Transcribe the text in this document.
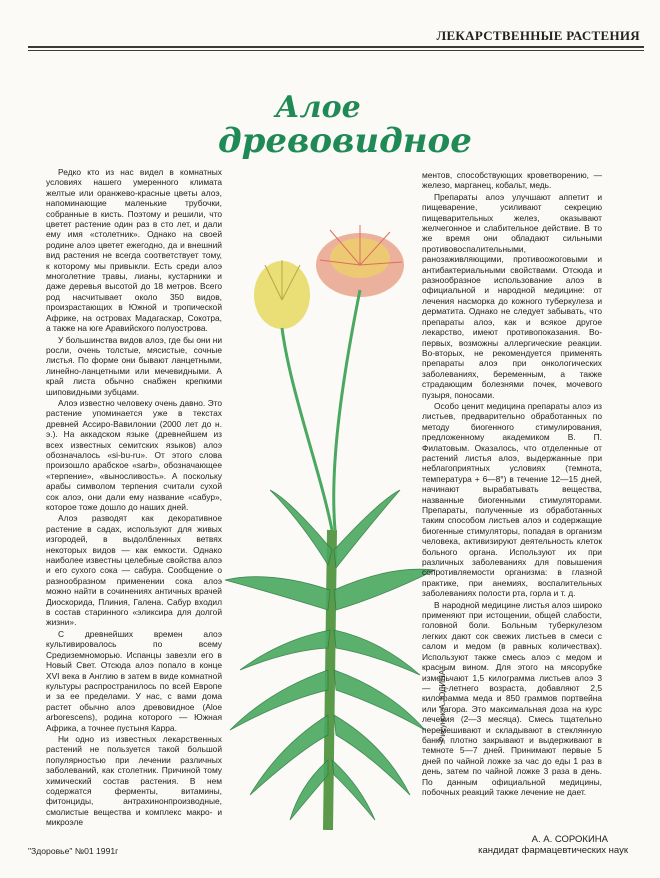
ЛЕКАРСТВЕННЫЕ РАСТЕНИЯ
Алое
древовидное

Редко кто из нас видел в комнатных условиях нашего умеренного климата желтые или оранжево-красные цветы алоэ, напоминающие маленькие трубочки, собранные в кисть. Поэтому и решили, что цветет растение один раз в сто лет, и дали ему имя «столетник». Однако на своей родине алоэ цветет ежегодно, да и внешний вид растения не всегда соответствует тому, к которому мы привыкли. Есть среди алоэ многолетние травы, лианы, кустарники и даже деревья высотой до 18 метров. Всего род насчитывает около 350 видов, произрастающих в Южной и тропической Африке, на островах Мадагаскар, Сокотра, а также на юге Аравийского полуострова.

У большинства видов алоэ, где бы они ни росли, очень толстые, мясистые, сочные листья. По форме они бывают ланцетными, линейно-ланцетными или мечевидными. А край листа обычно снабжен крепкими шиповидными зубцами.

Алоэ известно человеку очень давно. Это растение упоминается уже в текстах древней Ассиро-Вавилонии (2000 лет до н. э.). На аккадском языке (древнейшем из всех известных семитских языков) алоэ обозначалось «si-bu-ru». От этого слова произошло арабское «sarb», обозначающее «терпение», «выносливость». А поскольку арабы символом терпения считали сухой сок алоэ, они дали ему название «сабур», которое тоже дошло до наших дней.

Алоэ разводят как декоративное растение в садах, используют для живых изгородей, в выдолбленных ветвях некоторых видов — как емкости. Однако наиболее известны целебные свойства алоэ и его сухого сока — сабура. Сообщение о разнообразном применении сока алоэ можно найти в сочинениях античных врачей Диоскорида, Плиния, Галена. Сабур входил в состав старинного «эликсира для долгой жизни».

С древнейших времен алоэ культивировалось по всему Средиземноморью. Испанцы завезли его в Новый Свет. Отсюда алоэ попало в конце XVI века в Англию в затем в виде комнатной культуры распространилось по всей Европе и за ее пределами. У нас, с вами дома растет обычно алоэ древовидное (Aloe arborescens), родина которого — Южная Африка, а точнее пустыня Карра.

Ни одно из известных лекарственных растений не пользуется такой большой популярностью при лечении различных заболеваний, как столетник. Причиной тому химический состав растения. В нем содержатся ферменты, витамины, фитонциды, антрахинонпроизводные, смолистые вещества и комплекс макро- и микроэле

Рисунок А. ЮДИНА

ментов, способствующих кроветворению, — железо, марганец, кобальт, медь.

Препараты алоэ улучшают аппетит и пищеварение, усиливают секрецию пищеварительных желез, оказывают желчегонное и слабительное действие. В то же время они обладают сильными противовоспалительными, ранозаживляющими, противоожоговыми и антибактериальными свойствами. Отсюда и разнообразное использование алоэ в официальной и народной медицине: от лечения насморка до кожного туберкулеза и дерматита. Однако не следует забывать, что препараты алоэ, как и всякое другое лекарство, имеют противопоказания. Во-первых, возможны аллергические реакции. Во-вторых, не рекомендуется применять препараты алоэ при онкологических заболеваниях, беременным, а также страдающим болезнями почек, мочевого пузыря, поносами.

Особо ценит медицина препараты алоэ из листьев, предварительно обработанных по методу биогенного стимулирования, предложенному академиком В. П. Филатовым. Оказалось, что отделенные от растений листья алоэ, выдержанные при неблагоприятных условиях (темнота, температура + 6—8°) в течение 12—15 дней, начинают вырабатывать вещества, названные биогенными стимуляторами. Препараты, полученные из обработанных таким способом листьев алоэ и содержащие биогенные стимуляторы, попадая в организм человека, активизируют деятельность клеток больного органа. Используют их при различных заболеваниях для повышения сопротивляемости организма: в глазной практике, при анемиях, воспалительных заболеваниях полости рта, горла и т. д.

В народной медицине листья алоэ широко применяют при истощении, общей слабости, головной боли. Больным туберкулезом легких дают сок свежих листьев в смеси с салом и медом (в равных количествах). Используют также смесь алоэ с медом и красным вином. Для этого на мясорубке измельчают 1,5 килограмма листьев алоэ 3 — 5-летнего возраста, добавляют 2,5 килограмма меда и 850 граммов портвейна или кагора. Это максимальная доза на курс лечения (2—3 месяца). Смесь тщательно перемешивают и складывают в стеклянную банку, плотно закрывают и выдерживают в темноте 5—7 дней. Принимают первые 5 дней по чайной ложке за час до еды 1 раз в день, затем по чайной ложке 3 раза в день. По данным официальной медицины, побочных реакций также лечение не дает.

А. А. СОРОКИНА
кандидат фармацевтических наук
"Здоровье" №01 1991г
